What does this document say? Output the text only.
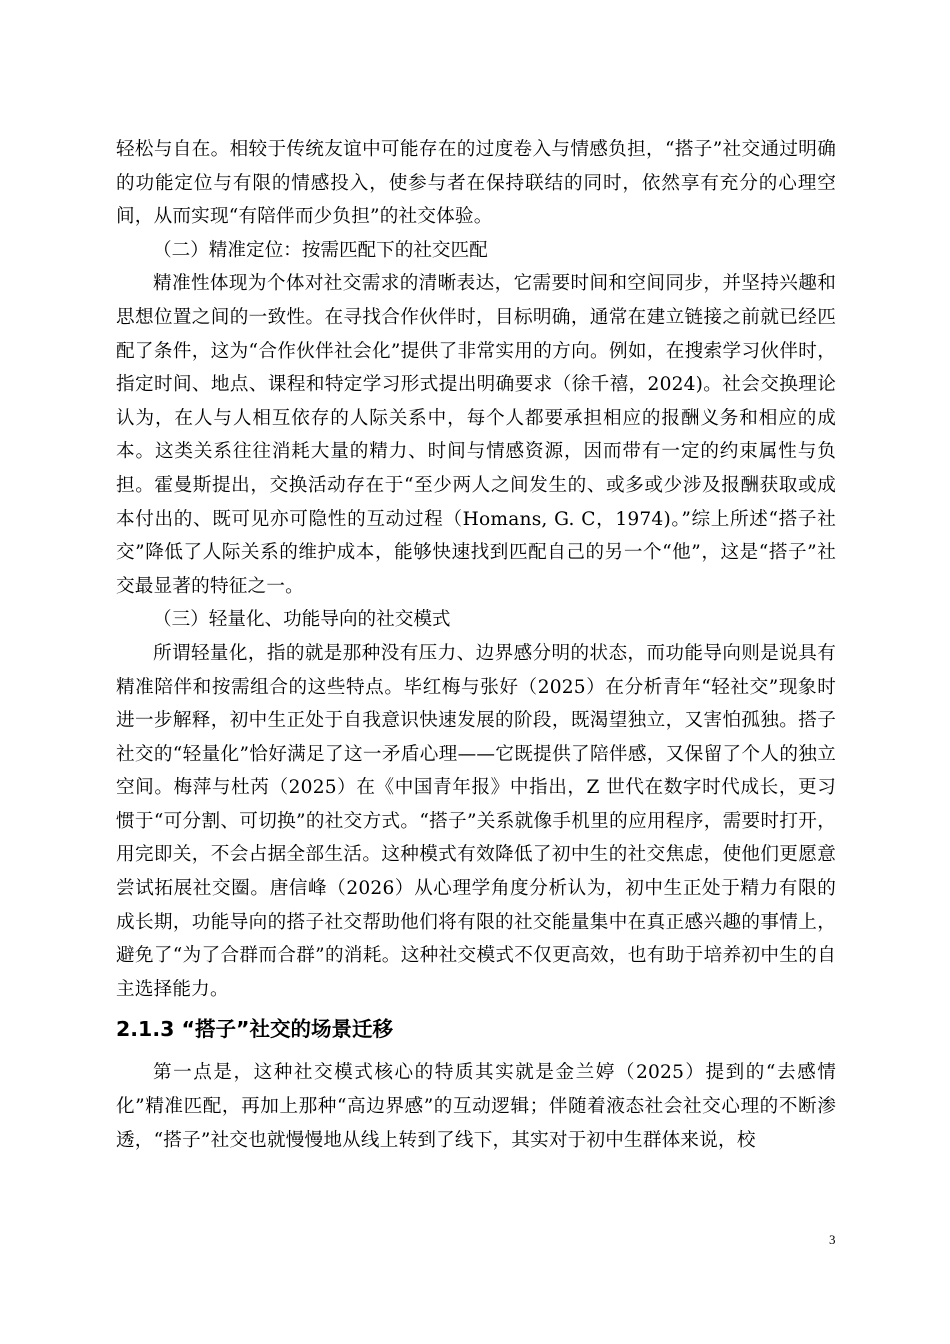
轻松与自在。相较于传统友谊中可能存在的过度卷入与情感负担，“搭子”社交通过明确的功能定位与有限的情感投入，使参与者在保持联结的同时，依然享有充分的心理空间，从而实现“有陪伴而少负担”的社交体验。

（二）精准定位：按需匹配下的社交匹配

精准性体现为个体对社交需求的清晰表达，它需要时间和空间同步，并坚持兴趣和思想位置之间的一致性。在寻找合作伙伴时，目标明确，通常在建立链接之前就已经匹配了条件，这为“合作伙伴社会化”提供了非常实用的方向。例如，在搜索学习伙伴时，指定时间、地点、课程和特定学习形式提出明确要求（徐千禧，2024)。社会交换理论认为，在人与人相互依存的人际关系中，每个人都要承担相应的报酬义务和相应的成本。这类关系往往消耗大量的精力、时间与情感资源，因而带有一定的约束属性与负担。霍曼斯提出，交换活动存在于“至少两人之间发生的、或多或少涉及报酬获取或成本付出的、既可见亦可隐性的互动过程（Homans, G. C，1974)。”综上所述“搭子社交”降低了人际关系的维护成本，能够快速找到匹配自己的另一个“他”，这是“搭子”社交最显著的特征之一。

（三）轻量化、功能导向的社交模式

所谓轻量化，指的就是那种没有压力、边界感分明的状态，而功能导向则是说具有精准陪伴和按需组合的这些特点。毕红梅与张好（2025）在分析青年“轻社交”现象时进一步解释，初中生正处于自我意识快速发展的阶段，既渴望独立，又害怕孤独。搭子社交的“轻量化”恰好满足了这一矛盾心理——它既提供了陪伴感，又保留了个人的独立空间。梅萍与杜芮（2025）在《中国青年报》中指出，Z 世代在数字时代成长，更习惯于“可分割、可切换”的社交方式。“搭子”关系就像手机里的应用程序，需要时打开，用完即关，不会占据全部生活。这种模式有效降低了初中生的社交焦虑，使他们更愿意尝试拓展社交圈。唐信峰（2026）从心理学角度分析认为，初中生正处于精力有限的成长期，功能导向的搭子社交帮助他们将有限的社交能量集中在真正感兴趣的事情上，避免了“为了合群而合群”的消耗。这种社交模式不仅更高效，也有助于培养初中生的自主选择能力。

2.1.3 “搭子”社交的场景迁移

第一点是，这种社交模式核心的特质其实就是金兰婷（2025）提到的“去感情化”精准匹配，再加上那种“高边界感”的互动逻辑；伴随着液态社会社交心理的不断渗透，“搭子”社交也就慢慢地从线上转到了线下，其实对于初中生群体来说，校

3
